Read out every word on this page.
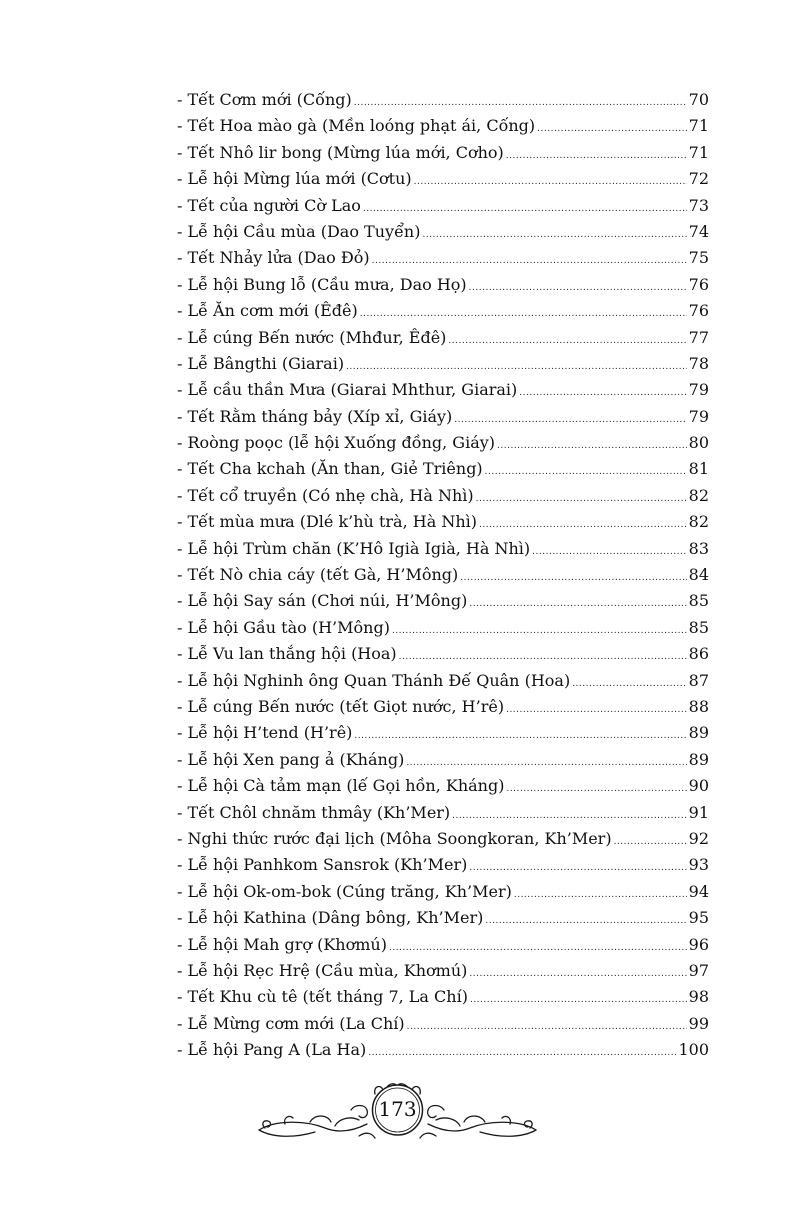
- Tết Cơm mới (Cống) .....	70
- Tết Hoa mào gà (Mền loóng phạt ái, Cống) .....	71
- Tết Nhô lir bong (Mừng lúa mới, Cơho) .....	71
- Lễ hội Mừng lúa mới (Cơtu) .....	72
- Tết của người Cờ Lao .....	73
- Lễ hội Cầu mùa (Dao Tuyển) .....	74
- Tết Nhảy lửa (Dao Đỏ) .....	75
- Lễ hội Bung lỗ (Cầu mưa, Dao Họ) .....	76
- Lễ Ăn cơm mới (Êđê) .....	76
- Lễ cúng Bến nước (Mhđur, Êđê) .....	77
- Lễ Bângthi (Giarai) .....	78
- Lễ cầu thần Mưa (Giarai Mhthur, Giarai) .....	79
- Tết Rằm tháng bảy (Xíp xỉ, Giáy) .....	79
- Roòng poọc (lễ hội Xuống đồng, Giáy) .....	80
- Tết Cha kchah (Ăn than, Giẻ Triêng) .....	81
- Tết cổ truyền (Có nhẹ chà, Hà Nhì) .....	82
- Tết mùa mưa (Dlé k’hù trà, Hà Nhì) .....	82
- Lễ hội Trùm chăn (K’Hô Igià Igià, Hà Nhì) .....	83
- Tết Nò chia cáy (tết Gà, H’Mông) .....	84
- Lễ hội Say sán (Chơi núi, H’Mông) .....	85
- Lễ hội Gầu tào (H’Mông) .....	85
- Lễ Vu lan thắng hội (Hoa) .....	86
- Lễ hội Nghinh ông Quan Thánh Đế Quân (Hoa) .....	87
- Lễ cúng Bến nước (tết Giọt nước, H’rê) .....	88
- Lễ hội H’tend (H’rê) .....	89
- Lễ hội Xen pang ả (Kháng) .....	89
- Lễ hội Cà tảm mạn (lế Gọi hồn, Kháng) .....	90
- Tết Chôl chnăm thmây (Kh’Mer) .....	91
- Nghi thức rước đại lịch (Môha Soongkoran, Kh’Mer) .....	92
- Lễ hội Panhkom Sansrok (Kh’Mer) .....	93
- Lễ hội Ok-om-bok (Cúng trăng, Kh’Mer) .....	94
- Lễ hội Kathina (Dâng bông, Kh’Mer) .....	95
- Lễ hội Mah grợ (Khơmú) .....	96
- Lễ hội Rẹc Hrệ (Cầu mùa, Khơmú) .....	97
- Tết Khu cù tê (tết tháng 7, La Chí) .....	98
- Lễ Mừng cơm mới (La Chí) .....	99
- Lễ hội Pang A (La Ha) .....	100
173
